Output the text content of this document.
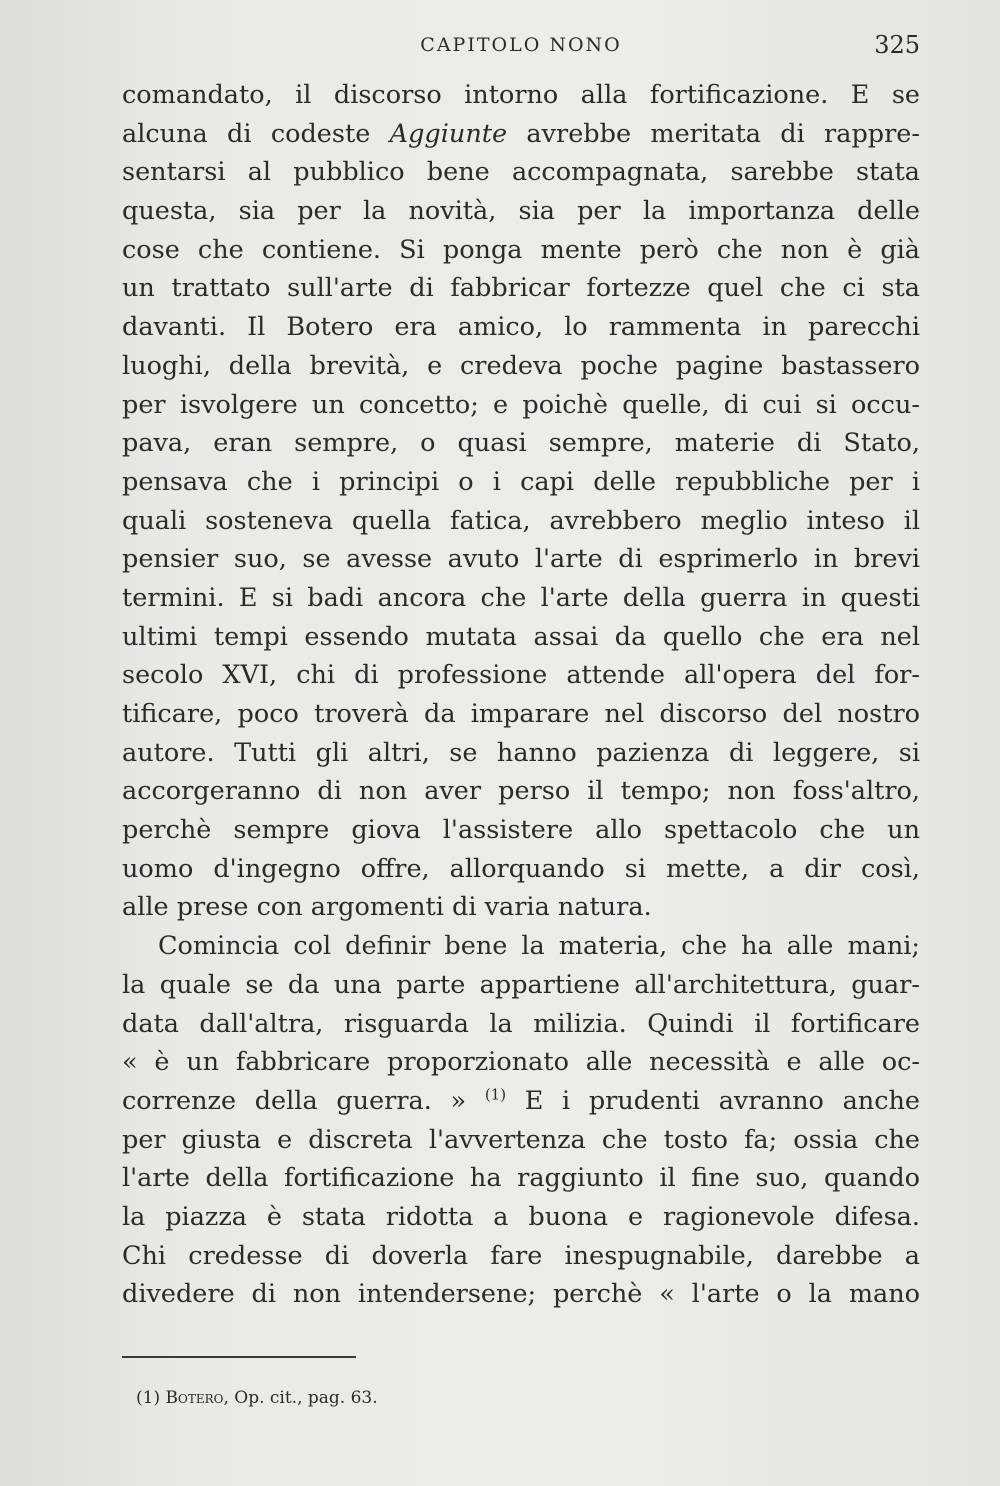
CAPITOLO NONO	325
comandato, il discorso intorno alla fortificazione. E se
alcuna di codeste Aggiunte avrebbe meritata di rappre-
sentarsi al pubblico bene accompagnata, sarebbe stata
questa, sia per la novità, sia per la importanza delle
cose che contiene. Si ponga mente però che non è già
un trattato sull'arte di fabbricar fortezze quel che ci sta
davanti. Il Botero era amico, lo rammenta in parecchi
luoghi, della brevità, e credeva poche pagine bastassero
per isvolgere un concetto; e poichè quelle, di cui si occu-
pava, eran sempre, o quasi sempre, materie di Stato,
pensava che i principi o i capi delle repubbliche per i
quali sosteneva quella fatica, avrebbero meglio inteso il
pensier suo, se avesse avuto l'arte di esprimerlo in brevi
termini. E si badi ancora che l'arte della guerra in questi
ultimi tempi essendo mutata assai da quello che era nel
secolo XVI, chi di professione attende all'opera del for-
tificare, poco troverà da imparare nel discorso del nostro
autore. Tutti gli altri, se hanno pazienza di leggere, si
accorgeranno di non aver perso il tempo; non foss'altro,
perchè sempre giova l'assistere allo spettacolo che un
uomo d'ingegno offre, allorquando si mette, a dir così,
alle prese con argomenti di varia natura.
Comincia col definir bene la materia, che ha alle mani;
la quale se da una parte appartiene all'architettura, guar-
data dall'altra, risguarda la milizia. Quindi il fortificare
« è un fabbricare proporzionato alle necessità e alle oc-
correnze della guerra. » $^{(1)}$ E i prudenti avranno anche
per giusta e discreta l'avvertenza che tosto fa; ossia che
l'arte della fortificazione ha raggiunto il fine suo, quando
la piazza è stata ridotta a buona e ragionevole difesa.
Chi credesse di doverla fare inespugnabile, darebbe a
divedere di non intendersene; perchè « l'arte o la mano
(1) Botero, Op. cit., pag. 63.
